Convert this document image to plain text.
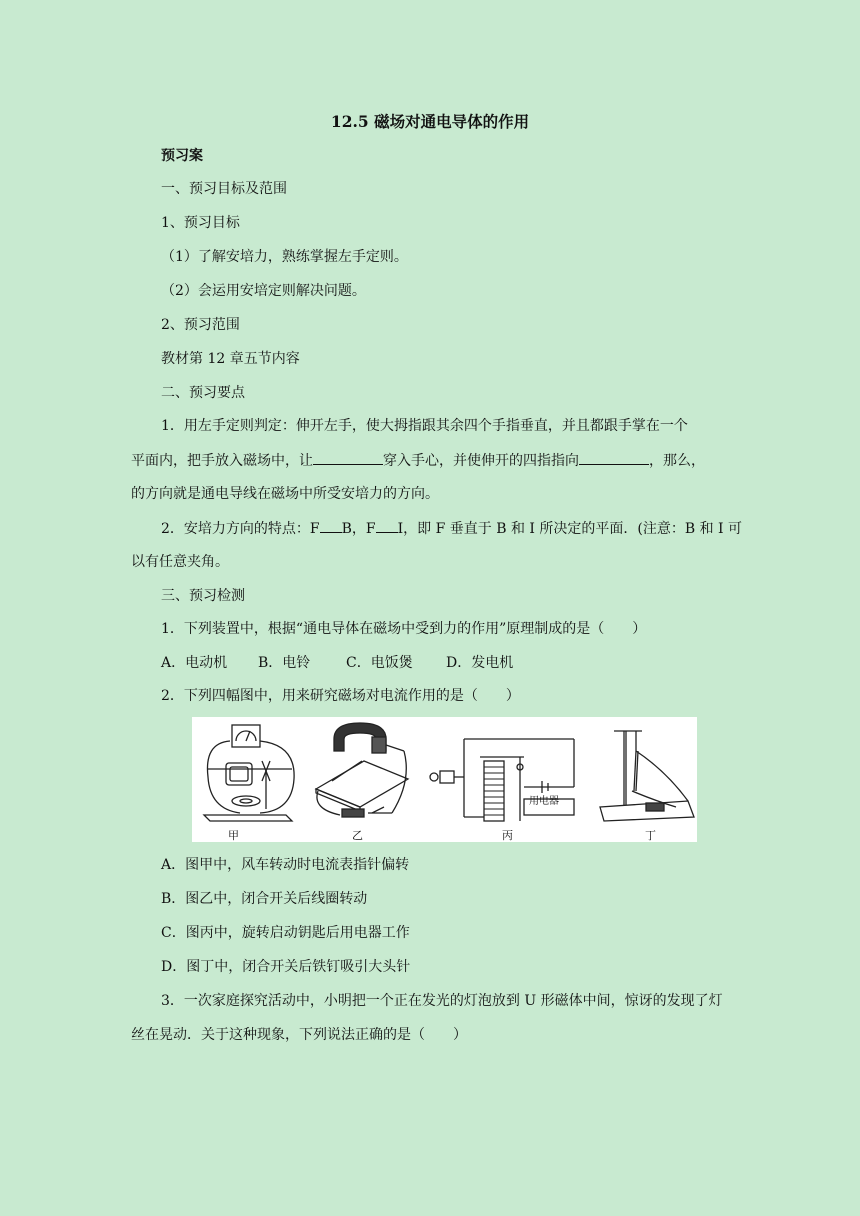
12.5 磁场对通电导体的作用
预习案
一、预习目标及范围
1、预习目标
（1）了解安培力，熟练掌握左手定则。
（2）会运用安培定则解决问题。
2、预习范围
教材第 12 章五节内容
二、预习要点
1．用左手定则判定：伸开左手，使大拇指跟其余四个手指垂直，并且都跟手掌在一个
平面内，把手放入磁场中，让	穿入手心，并使伸开的四指指向	，那么，
的方向就是通电导线在磁场中所受安培力的方向。
2．安培力方向的特点：F B，F I，即 F 垂直于 B 和 I 所决定的平面．(注意：B 和 I 可
以有任意夹角。
三、预习检测
1．下列装置中，根据“通电导体在磁场中受到力的作用”原理制成的是（　　）
A．电动机 B．电铃	C．电饭煲 D．发电机
2．下列四幅图中，用来研究磁场对电流作用的是（　　）
甲	乙
用电器
丙	丁
A．图甲中，风车转动时电流表指针偏转
B．图乙中，闭合开关后线圈转动
C．图丙中，旋转启动钥匙后用电器工作
D．图丁中，闭合开关后铁钉吸引大头针
3．一次家庭探究活动中，小明把一个正在发光的灯泡放到 U 形磁体中间，惊讶的发现了灯
丝在晃动．关于这种现象，下列说法正确的是（　　）
